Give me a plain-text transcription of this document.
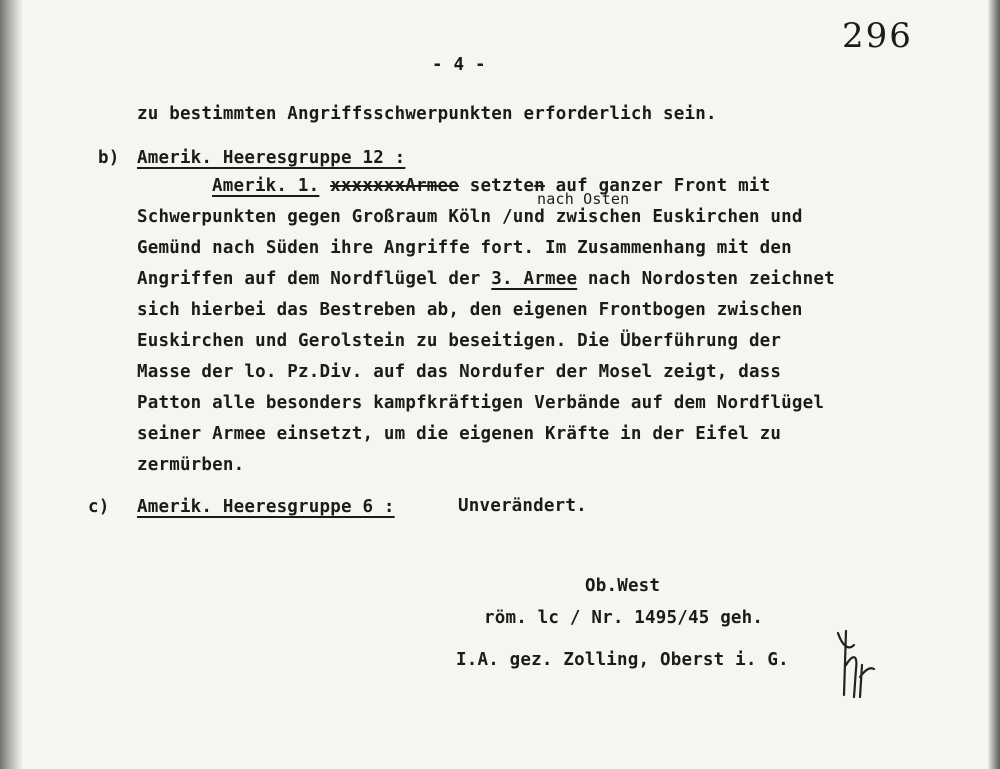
296
- 4 -
zu bestimmten Angriffsschwerpunkten erforderlich sein.
b) Amerik. Heeresgruppe 12 :
Amerik. 1. xxxxxxxArmee setzten auf ganzer Front mit
nach Osten
Schwerpunkten gegen Großraum Köln /und zwischen Euskirchen und
Gemünd nach Süden ihre Angriffe fort. Im Zusammenhang mit den
Angriffen auf dem Nordflügel der 3. Armee nach Nordosten zeichnet
sich hierbei das Bestreben ab, den eigenen Frontbogen zwischen
Euskirchen und Gerolstein zu beseitigen. Die Überführung der
Masse der lo. Pz.Div. auf das Nordufer der Mosel zeigt, dass
Patton alle besonders kampfkräftigen Verbände auf dem Nordflügel
seiner Armee einsetzt, um die eigenen Kräfte in der Eifel zu
zermürben.
c) Amerik. Heeresgruppe 6 :	Unverändert.
Ob.West
röm. lc / Nr. 1495/45 geh.
I.A. gez. Zolling, Oberst i. G.
